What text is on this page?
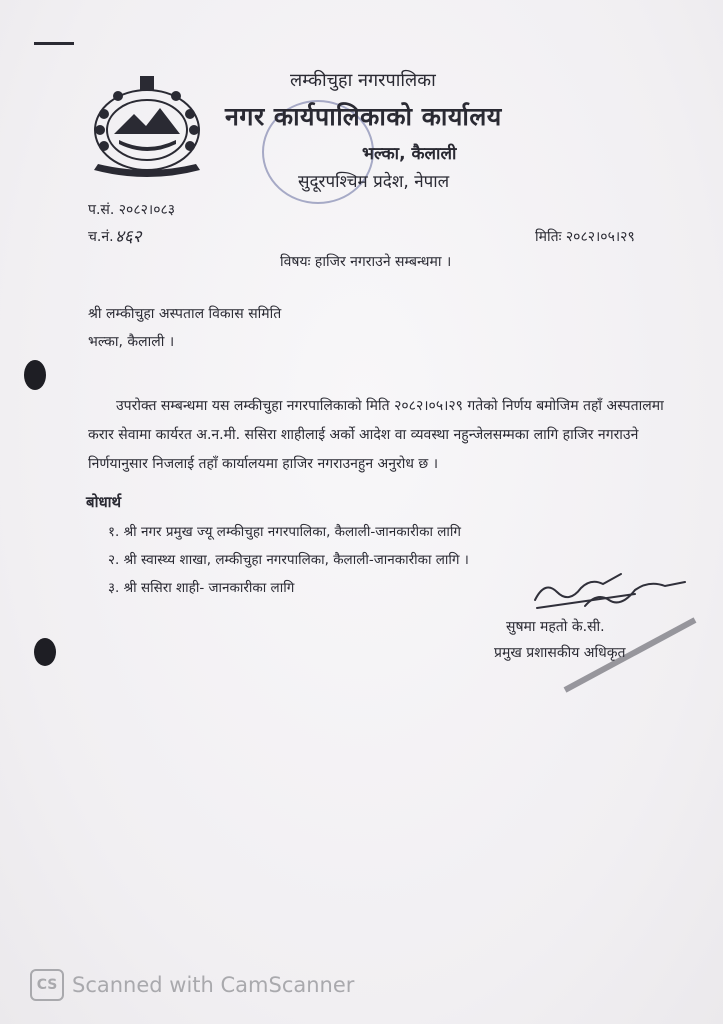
लम्कीचुहा नगरपालिका
नगर कार्यपालिकाको कार्यालय
भल्का, कैलाली
सुदूरपश्चिम प्रदेश, नेपाल
प.सं. २०८२।०८३
च.नं. ४६२	मितिः २०८२।०५।२९
विषयः हाजिर नगराउने सम्बन्धमा ।
श्री लम्कीचुहा अस्पताल विकास समिति
भल्का, कैलाली ।
उपरोक्त सम्बन्धमा यस लम्कीचुहा नगरपालिकाको मिति २०८२।०५।२९ गतेको निर्णय बमोजिम तहाँ अस्पतालमा करार सेवामा कार्यरत अ.न.मी. ससिरा शाहीलाई अर्को आदेश वा व्यवस्था नहुन्जेलसम्मका लागि हाजिर नगराउने निर्णयानुसार निजलाई तहाँ कार्यालयमा हाजिर नगराउनहुन अनुरोध छ ।
बोधार्थ
१. श्री नगर प्रमुख ज्यू लम्कीचुहा नगरपालिका, कैलाली-जानकारीका लागि
२. श्री स्वास्थ्य शाखा, लम्कीचुहा नगरपालिका, कैलाली-जानकारीका लागि ।
३. श्री ससिरा शाही- जानकारीका लागि
सुषमा महतो के.सी.
प्रमुख प्रशासकीय अधिकृत
CS Scanned with CamScanner
